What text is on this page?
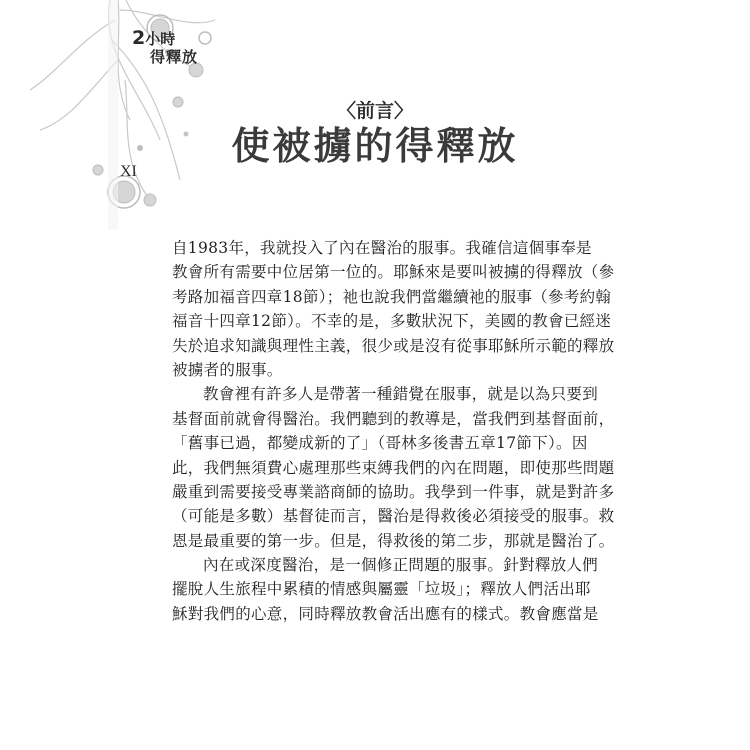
2小時
得釋放
〈前言〉
使被擄的得釋放
XI
自1983年，我就投入了內在醫治的服事。我確信這個事奉是
教會所有需要中位居第一位的。耶穌來是要叫被擄的得釋放（參
考路加福音四章18節）；祂也說我們當繼續祂的服事（參考約翰
福音十四章12節）。不幸的是，多數狀況下，美國的教會已經迷
失於追求知識與理性主義，很少或是沒有從事耶穌所示範的釋放
被擄者的服事。
教會裡有許多人是帶著一種錯覺在服事，就是以為只要到
基督面前就會得醫治。我們聽到的教導是，當我們到基督面前，
「舊事已過，都變成新的了」（哥林多後書五章17節下）。因
此，我們無須費心處理那些束縛我們的內在問題，即使那些問題
嚴重到需要接受專業諮商師的協助。我學到一件事，就是對許多
（可能是多數）基督徒而言，醫治是得救後必須接受的服事。救
恩是最重要的第一步。但是，得救後的第二步，那就是醫治了。
內在或深度醫治，是一個修正問題的服事。針對釋放人們
擺脫人生旅程中累積的情感與屬靈「垃圾」；釋放人們活出耶
穌對我們的心意，同時釋放教會活出應有的樣式。教會應當是
